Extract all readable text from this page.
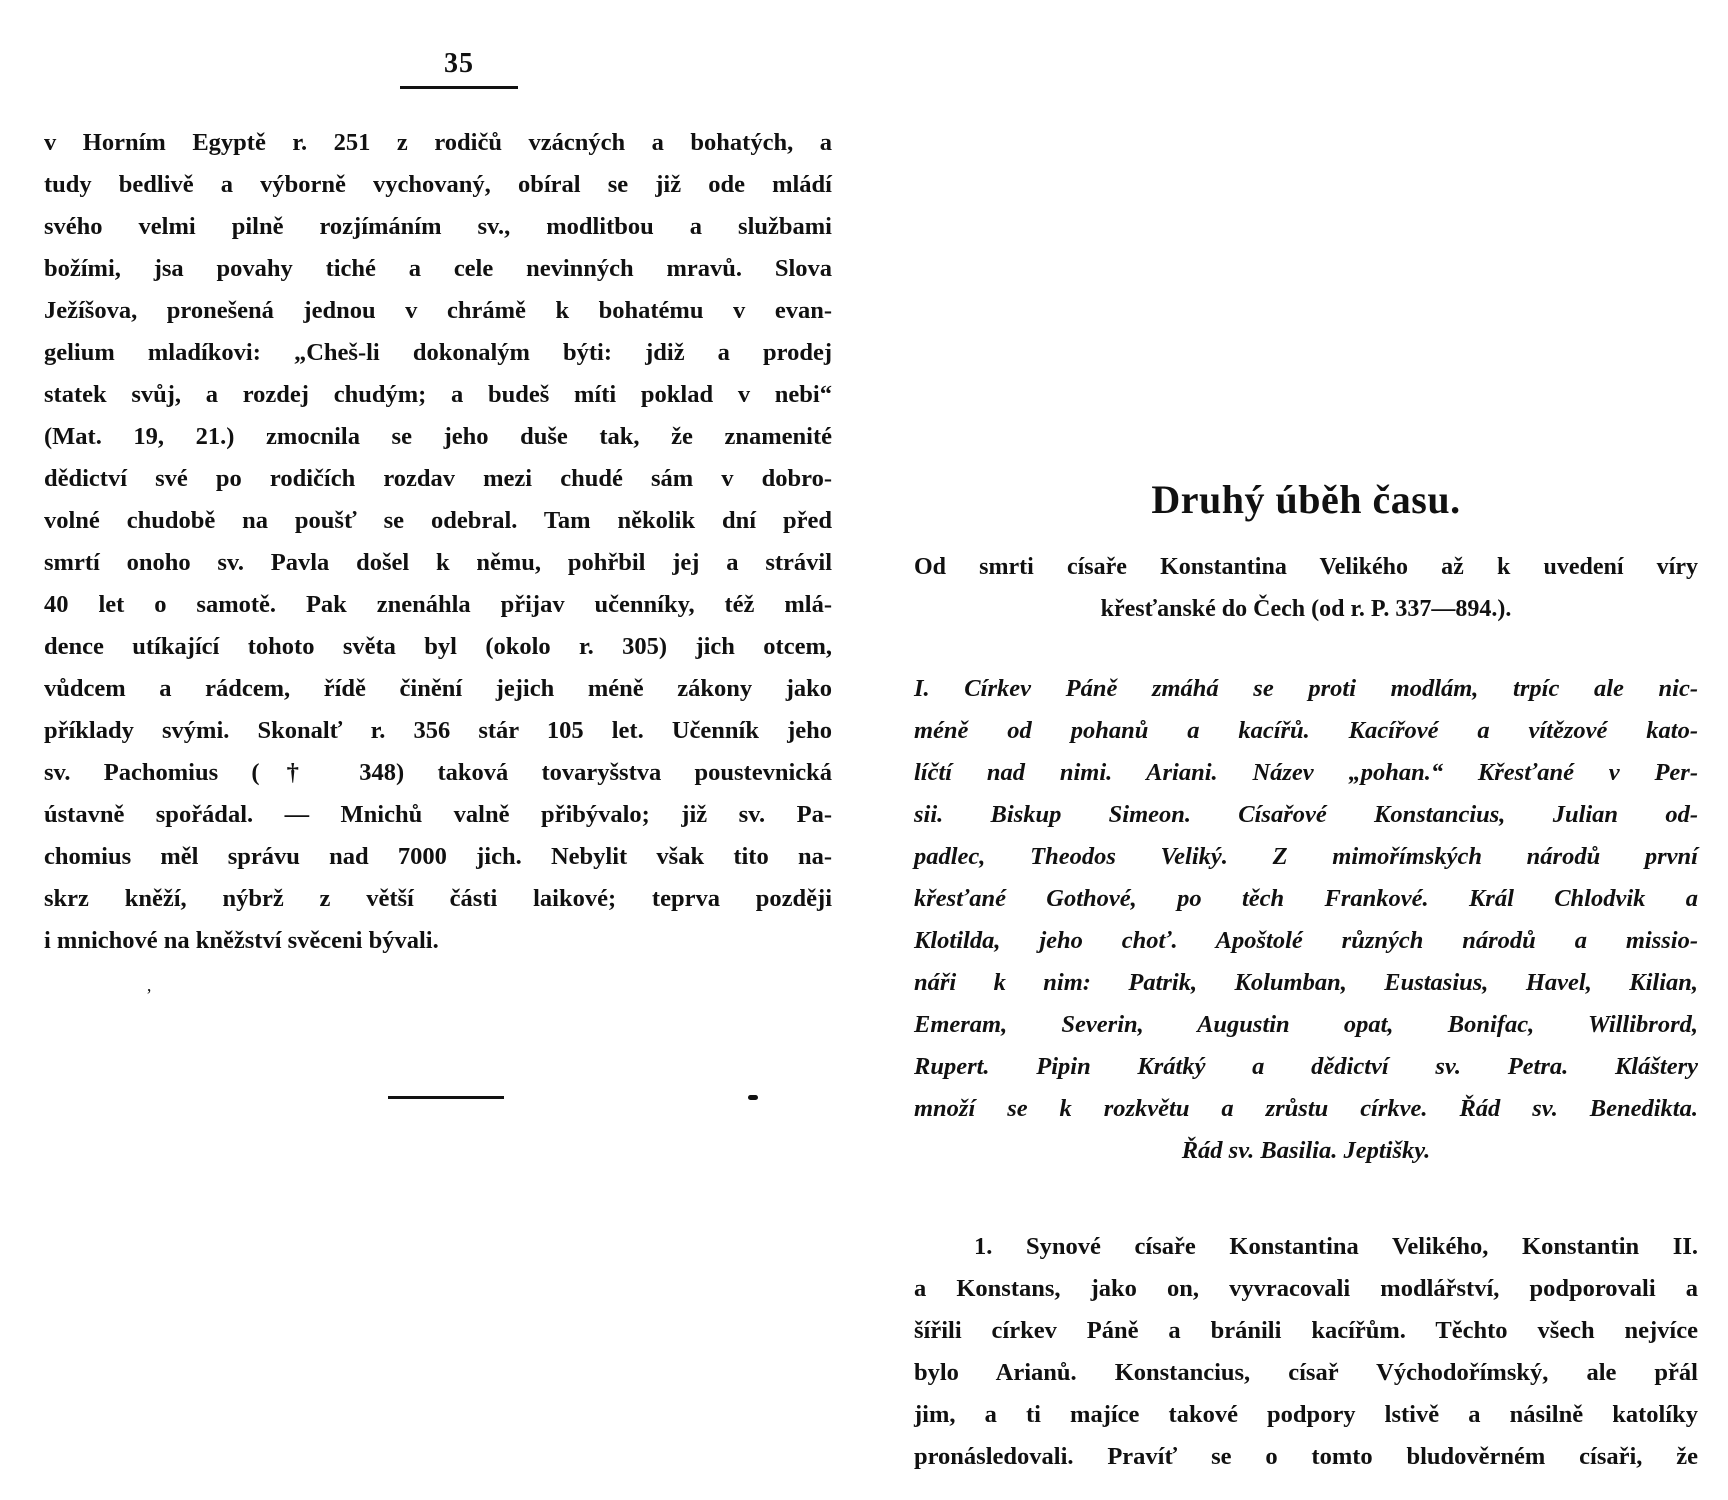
35
v Horním Egyptě r. 251 z rodičů vzácných a bohatých, a
tudy bedlivě a výborně vychovaný, obíral se již ode mládí
svého velmi pilně rozjímáním sv., modlitbou a službami
božími, jsa povahy tiché a cele nevinných mravů. Slova
Ježíšova, pronešená jednou v chrámě k bohatému v evan-
gelium mladíkovi: „Cheš-li dokonalým býti: jdiž a prodej
statek svůj, a rozdej chudým; a budeš míti poklad v nebi“
(Mat. 19, 21.) zmocnila se jeho duše tak, že znamenité
dědictví své po rodičích rozdav mezi chudé sám v dobro-
volné chudobě na poušť se odebral. Tam několik dní před
smrtí onoho sv. Pavla došel k němu, pohřbil jej a strávil
40 let o samotě. Pak znenáhla přijav učenníky, též mlá-
dence utíkající tohoto světa byl (okolo r. 305) jich otcem,
vůdcem a rádcem, řídě činění jejich méně zákony jako
příklady svými. Skonalť r. 356 stár 105 let. Učenník jeho
sv. Pachomius († 348) taková tovaryšstva poustevnická
ústavně spořádal. — Mnichů valně přibývalo; již sv. Pa-
chomius měl správu nad 7000 jich. Nebylit však tito na-
skrz kněží, nýbrž z větší části laikové; teprva později
i mnichové na kněžství svěceni bývali.
ʼ
Druhý úběh času.
Od smrti císaře Konstantina Velikého až k uvedení víry
křesťanské do Čech (od r. P. 337—894.).
I. Církev Páně zmáhá se proti modlám, trpíc ale nic-
méně od pohanů a kacířů. Kacířové a vítězové kato-
líčtí nad nimi. Ariani. Název „pohan.“ Křesťané v Per-
sii. Biskup Simeon. Císařové Konstancius, Julian od-
padlec, Theodos Veliký. Z mimořímských národů první
křesťané Gothové, po těch Frankové. Král Chlodvik a
Klotilda, jeho choť. Apoštolé různých národů a missio-
náři k nim: Patrik, Kolumban, Eustasius, Havel, Kilian,
Emeram, Severin, Augustin opat, Bonifac, Willibrord,
Rupert. Pipin Krátký a dědictví sv. Petra. Kláštery
množí se k rozkvětu a zrůstu církve. Řád sv. Benedikta.
Řád sv. Basilia. Jeptišky.
1. Synové císaře Konstantina Velikého, Konstantin II.
a Konstans, jako on, vyvracovali modlářství, podporovali a
šířili církev Páně a bránili kacířům. Těchto všech nejvíce
bylo Arianů. Konstancius, císař Východořímský, ale přál
jim, a ti majíce takové podpory lstivě a násilně katolíky
pronásledovali. Pravíť se o tomto bludověrném císaři, že
